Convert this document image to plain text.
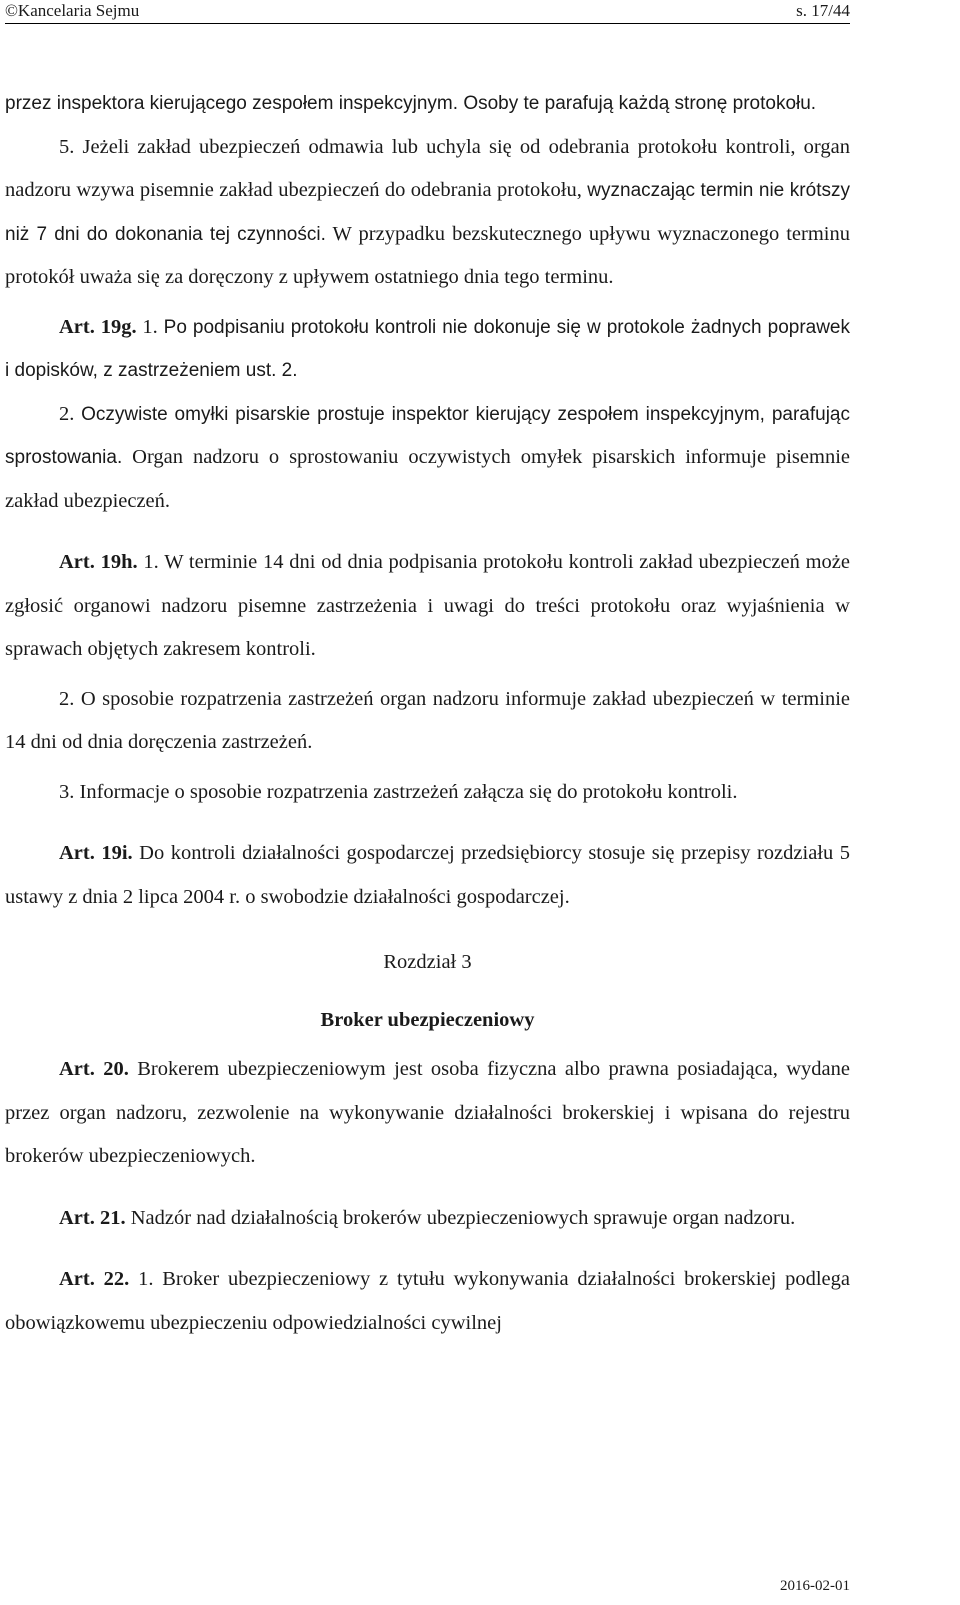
©Kancelaria Sejmu	s. 17/44

przez inspektora kierującego zespołem inspekcyjnym. Osoby te parafują każdą stronę protokołu.

5. Jeżeli zakład ubezpieczeń odmawia lub uchyla się od odebrania protokołu kontroli, organ nadzoru wzywa pisemnie zakład ubezpieczeń do odebrania protokołu, wyznaczając termin nie krótszy niż 7 dni do dokonania tej czynności. W przypadku bezskutecznego upływu wyznaczonego terminu protokół uważa się za doręczony z upływem ostatniego dnia tego terminu.

Art. 19g. 1. Po podpisaniu protokołu kontroli nie dokonuje się w protokole żadnych poprawek i dopisków, z zastrzeżeniem ust. 2.

2. Oczywiste omyłki pisarskie prostuje inspektor kierujący zespołem inspekcyjnym, parafując sprostowania. Organ nadzoru o sprostowaniu oczywistych omyłek pisarskich informuje pisemnie zakład ubezpieczeń.

Art. 19h. 1. W terminie 14 dni od dnia podpisania protokołu kontroli zakład ubezpieczeń może zgłosić organowi nadzoru pisemne zastrzeżenia i uwagi do treści protokołu oraz wyjaśnienia w sprawach objętych zakresem kontroli.

2. O sposobie rozpatrzenia zastrzeżeń organ nadzoru informuje zakład ubezpieczeń w terminie 14 dni od dnia doręczenia zastrzeżeń.

3. Informacje o sposobie rozpatrzenia zastrzeżeń załącza się do protokołu kontroli.

Art. 19i. Do kontroli działalności gospodarczej przedsiębiorcy stosuje się przepisy rozdziału 5 ustawy z dnia 2 lipca 2004 r. o swobodzie działalności gospodarczej.

Rozdział 3

Broker ubezpieczeniowy

Art. 20. Brokerem ubezpieczeniowym jest osoba fizyczna albo prawna posiadająca, wydane przez organ nadzoru, zezwolenie na wykonywanie działalności brokerskiej i wpisana do rejestru brokerów ubezpieczeniowych.

Art. 21. Nadzór nad działalnością brokerów ubezpieczeniowych sprawuje organ nadzoru.

Art. 22. 1. Broker ubezpieczeniowy z tytułu wykonywania działalności brokerskiej podlega obowiązkowemu ubezpieczeniu odpowiedzialności cywilnej

2016-02-01
